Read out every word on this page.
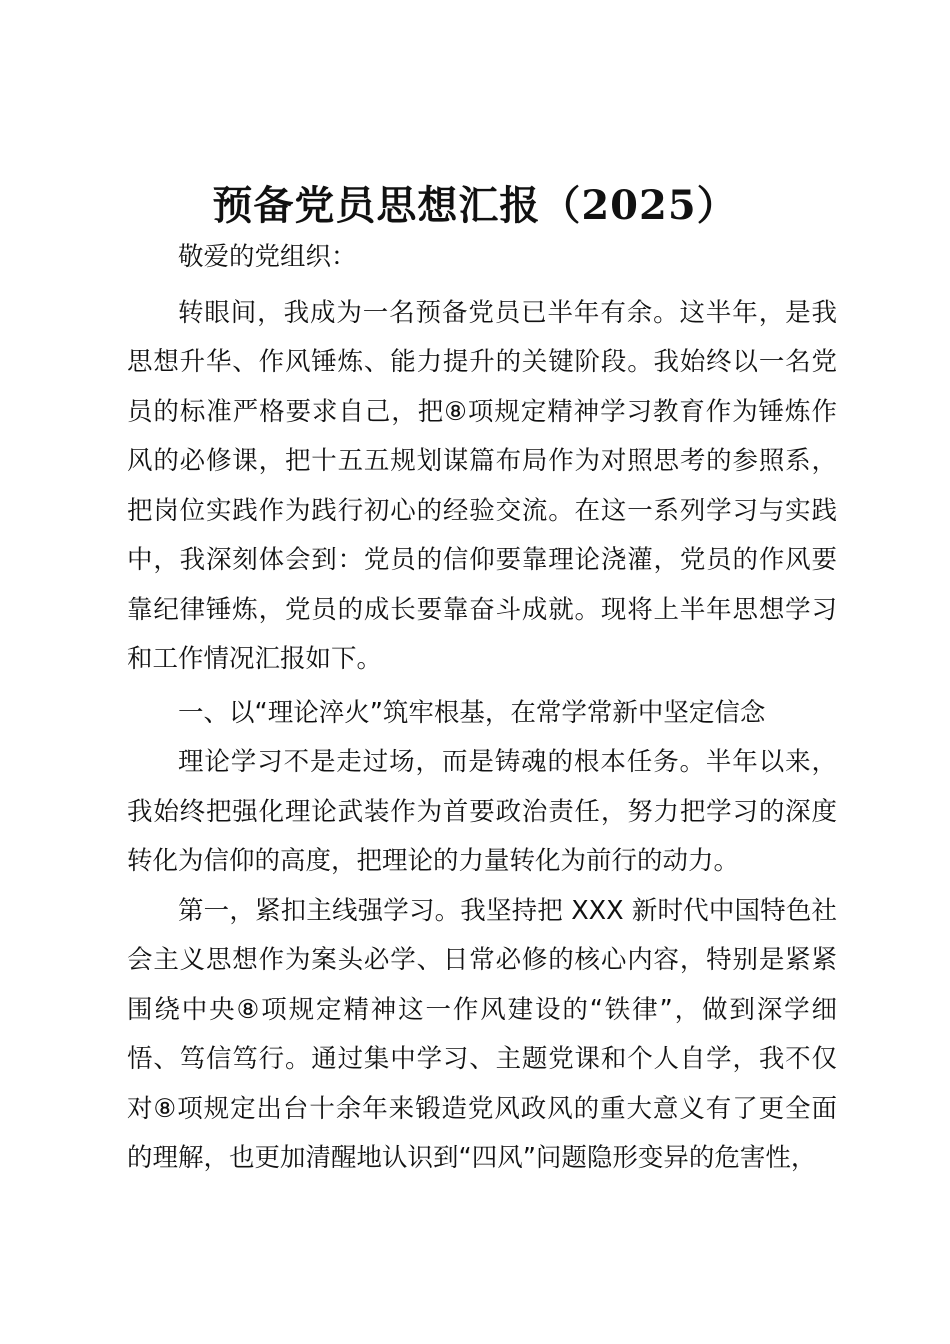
预备党员思想汇报（2025）

敬爱的党组织：

转眼间，我成为一名预备党员已半年有余。这半年，是我思想升华、作风锤炼、能力提升的关键阶段。我始终以一名党员的标准严格要求自己，把⑧项规定精神学习教育作为锤炼作风的必修课，把十五五规划谋篇布局作为对照思考的参照系，把岗位实践作为践行初心的经验交流。在这一系列学习与实践中，我深刻体会到：党员的信仰要靠理论浇灌，党员的作风要靠纪律锤炼，党员的成长要靠奋斗成就。现将上半年思想学习和工作情况汇报如下。

一、以“理论淬火”筑牢根基，在常学常新中坚定信念

理论学习不是走过场，而是铸魂的根本任务。半年以来，我始终把强化理论武装作为首要政治责任，努力把学习的深度转化为信仰的高度，把理论的力量转化为前行的动力。

第一，紧扣主线强学习。我坚持把 XXX 新时代中国特色社会主义思想作为案头必学、日常必修的核心内容，特别是紧紧围绕中央⑧项规定精神这一作风建设的“铁律”，做到深学细悟、笃信笃行。通过集中学习、主题党课和个人自学，我不仅对⑧项规定出台十余年来锻造党风政风的重大意义有了更全面的理解，也更加清醒地认识到“四风”问题隐形变异的危害性，
